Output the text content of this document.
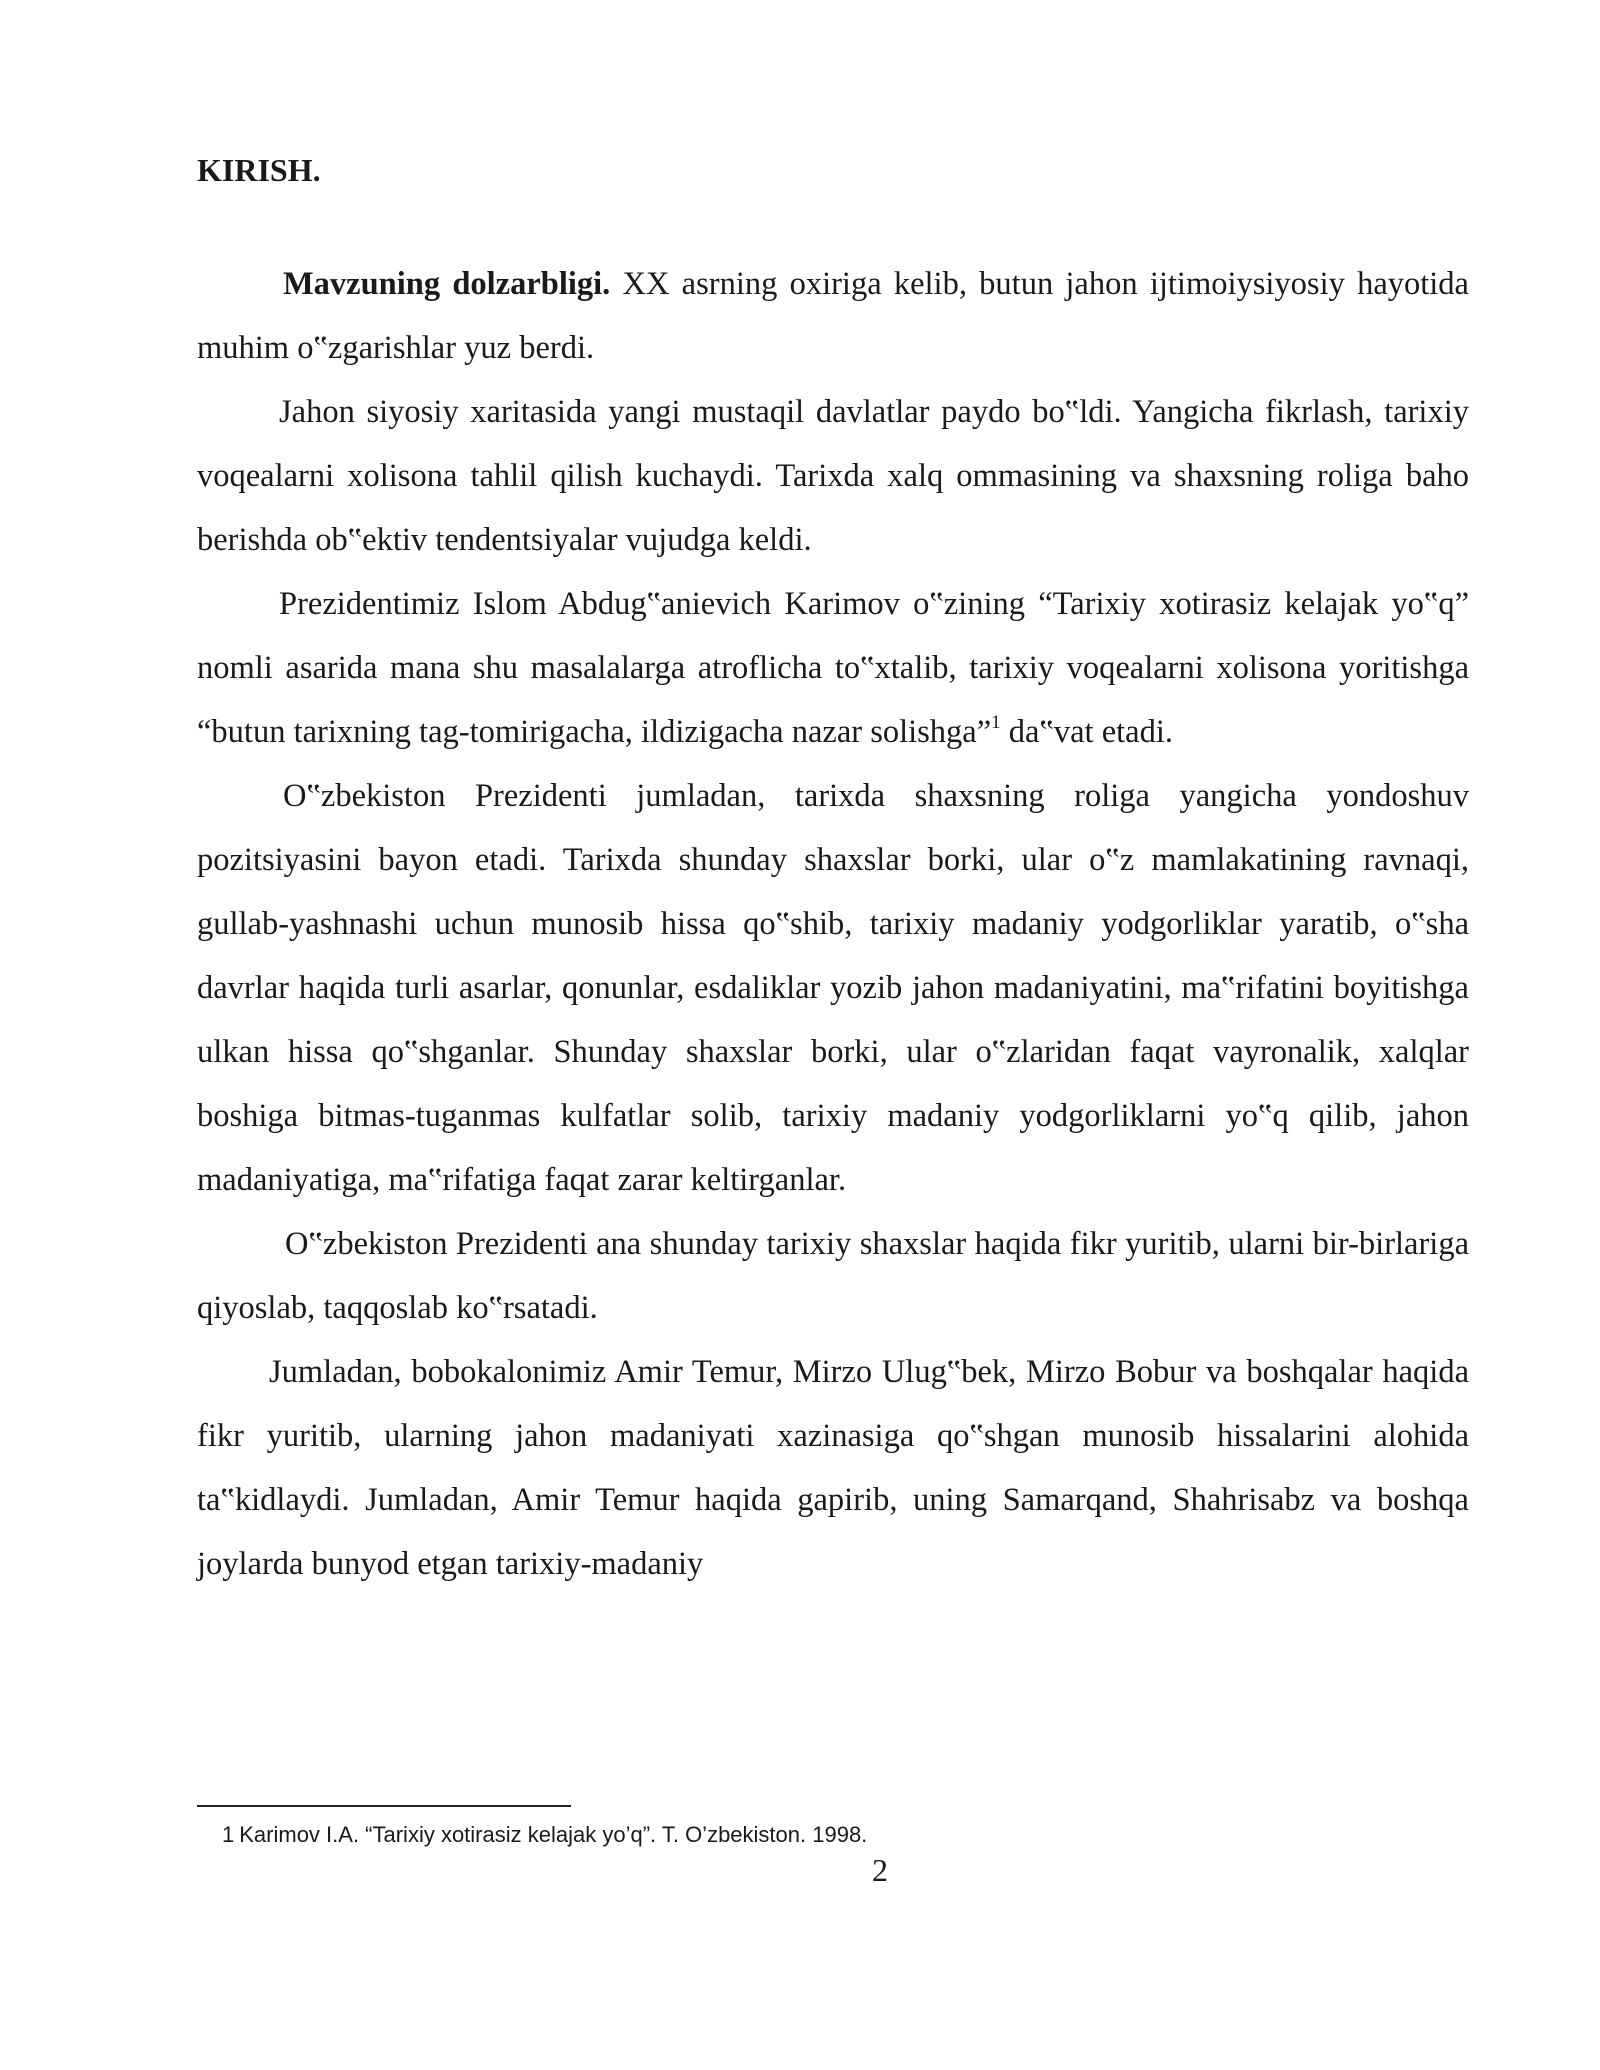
KIRISH.

Mavzuning dolzarbligi. XX asrning oxiriga kelib, butun jahon ijtimoiysiyosiy hayotida muhim o‟zgarishlar yuz berdi.

Jahon siyosiy xaritasida yangi mustaqil davlatlar paydo bo‟ldi. Yangicha fikrlash, tarixiy voqealarni xolisona tahlil qilish kuchaydi. Tarixda xalq ommasining va shaxsning roliga baho berishda ob‟ektiv tendentsiyalar vujudga keldi.

Prezidentimiz Islom Abdug‟anievich Karimov o‟zining “Tarixiy xotirasiz kelajak yo‟q” nomli asarida mana shu masalalarga atroflicha to‟xtalib, tarixiy voqealarni xolisona yoritishga “butun tarixning tag-tomirigacha, ildizigacha nazar solishga”$^1$ da‟vat etadi.

O‟zbekiston Prezidenti jumladan, tarixda shaxsning roliga yangicha yondoshuv pozitsiyasini bayon etadi. Tarixda shunday shaxslar borki, ular o‟z mamlakatining ravnaqi, gullab-yashnashi uchun munosib hissa qo‟shib, tarixiy madaniy yodgorliklar yaratib, o‟sha davrlar haqida turli asarlar, qonunlar, esdaliklar yozib jahon madaniyatini, ma‟rifatini boyitishga ulkan hissa qo‟shganlar. Shunday shaxslar borki, ular o‟zlaridan faqat vayronalik, xalqlar boshiga bitmas-tuganmas kulfatlar solib, tarixiy madaniy yodgorliklarni yo‟q qilib, jahon madaniyatiga, ma‟rifatiga faqat zarar keltirganlar.

O‟zbekiston Prezidenti ana shunday tarixiy shaxslar haqida fikr yuritib, ularni bir-birlariga qiyoslab, taqqoslab ko‟rsatadi.

Jumladan, bobokalonimiz Amir Temur, Mirzo Ulug‟bek, Mirzo Bobur va boshqalar haqida fikr yuritib, ularning jahon madaniyati xazinasiga qo‟shgan munosib hissalarini alohida ta‟kidlaydi. Jumladan, Amir Temur haqida gapirib, uning Samarqand, Shahrisabz va boshqa joylarda bunyod etgan tarixiy-madaniy

1 Karimov I.A. “Tarixiy xotirasiz kelajak yo’q”. T. O’zbekiston. 1998.
2
